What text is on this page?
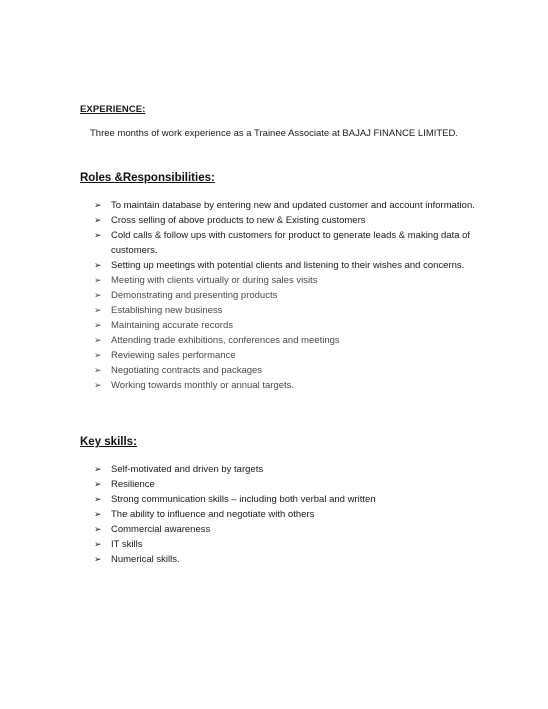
EXPERIENCE:
Three months of work experience as a Trainee Associate at BAJAJ FINANCE LIMITED.
Roles &Responsibilities:
➢ To maintain database by entering new and updated customer and account information.
➢ Cross selling of above products to new & Existing customers
➢ Cold calls & follow ups with customers for product to generate leads & making data of customers.
➢ Setting up meetings with potential clients and listening to their wishes and concerns.
➢ Meeting with clients virtually or during sales visits
➢ Demonstrating and presenting products
➢ Establishing new business
➢ Maintaining accurate records
➢ Attending trade exhibitions, conferences and meetings
➢ Reviewing sales performance
➢ Negotiating contracts and packages
➢ Working towards monthly or annual targets.
Key skills:
➢ Self-motivated and driven by targets
➢ Resilience
➢ Strong communication skills – including both verbal and written
➢ The ability to influence and negotiate with others
➢ Commercial awareness
➢ IT skills
➢ Numerical skills.
